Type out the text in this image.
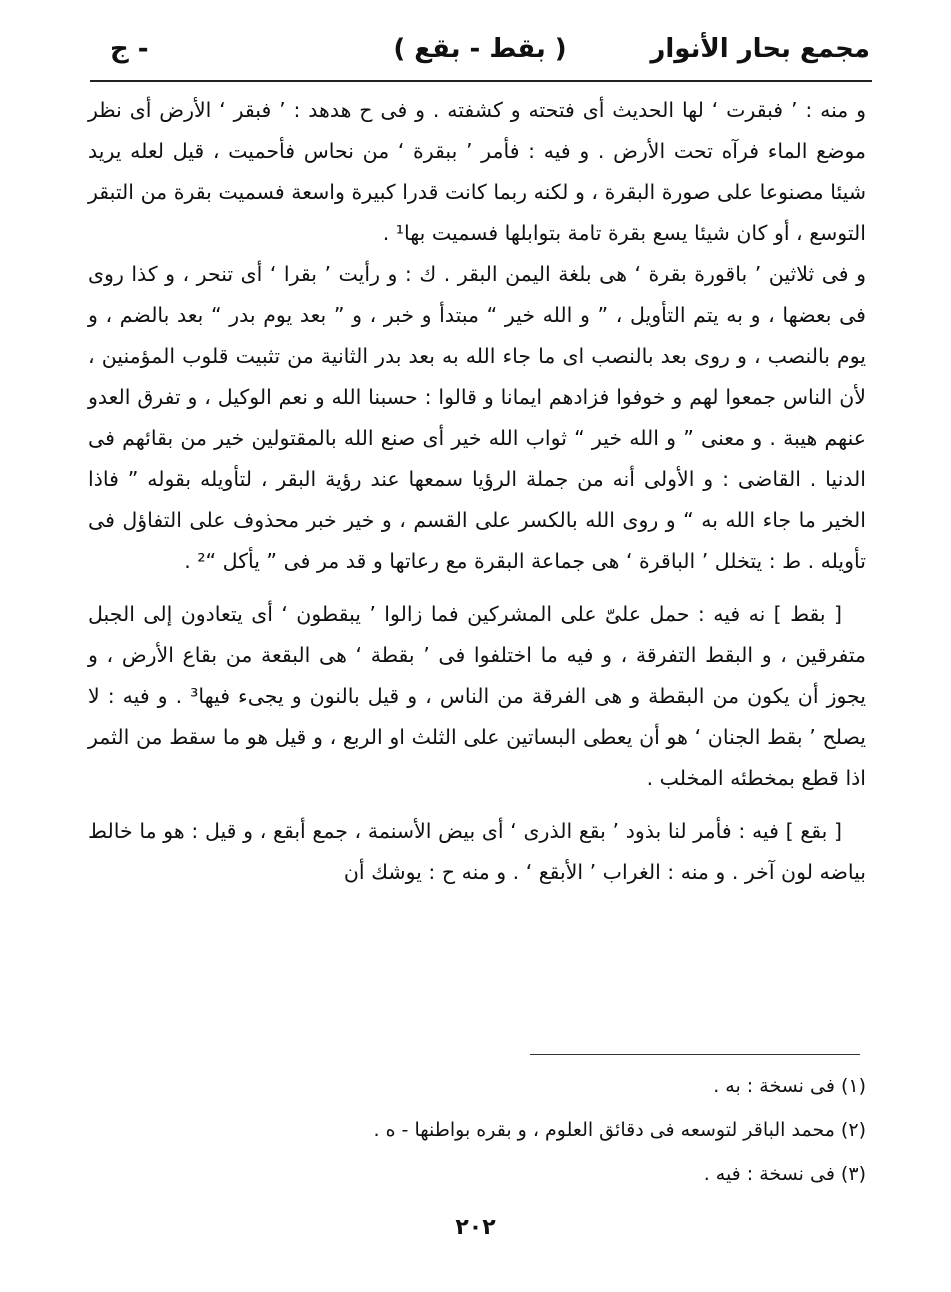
مجمع بحار الأنوار
( بقط - بقع )
ج -

و منه : ’ فبقرت ‘ لها الحديث أى فتحته و كشفته . و فى ح هدهد : ’ فبقر ‘ الأرض أى نظر موضع الماء فرآه تحت الأرض . و فيه : فأمر ’ ببقرة ‘ من نحاس فأحميت ، قيل لعله يريد شيئا مصنوعا على صورة البقرة ، و لكنه ربما كانت قدرا كبيرة واسعة فسميت بقرة من التبقر التوسع ، أو كان شيئا يسع بقرة تامة بتوابلها فسميت بها¹ .

و فى ثلاثين ’ باقورة بقرة ‘ هى بلغة اليمن البقر . ك : و رأيت ’ بقرا ‘ أى تنحر ، و كذا روى فى بعضها ، و به يتم التأويل ، ” و الله خير “ مبتدأ و خبر ، و ” بعد يوم بدر “ بعد بالضم ، و يوم بالنصب ، و روى بعد بالنصب اى ما جاء الله به بعد بدر الثانية من تثبيت قلوب المؤمنين ، لأن الناس جمعوا لهم و خوفوا فزادهم ايمانا و قالوا : حسبنا الله و نعم الوكيل ، و تفرق العدو عنهم هيبة . و معنى ” و الله خير “ ثواب الله خير أى صنع الله بالمقتولين خير من بقائهم فى الدنيا . القاضى : و الأولى أنه من جملة الرؤيا سمعها عند رؤية البقر ، لتأويله بقوله ” فاذا الخير ما جاء الله به “ و روى الله بالكسر على القسم ، و خير خبر محذوف على التفاؤل فى تأويله . ط : يتخلل ’ الباقرة ‘ هى جماعة البقرة مع رعاتها و قد مر فى ” يأكل “² .

[ بقط ] نه فيه : حمل علىّ على المشركين فما زالوا ’ يبقطون ‘ أى يتعادون إلى الجبل متفرقين ، و البقط التفرقة ، و فيه ما اختلفوا فى ’ بقطة ‘ هى البقعة من بقاع الأرض ، و يجوز أن يكون من البقطة و هى الفرقة من الناس ، و قيل بالنون و يجىء فيها³ . و فيه : لا يصلح ’ بقط الجنان ‘ هو أن يعطى البساتين على الثلث او الربع ، و قيل هو ما سقط من الثمر اذا قطع بمخطئه المخلب .

[ بقع ] فيه : فأمر لنا بذود ’ بقع الذرى ‘ أى بيض الأسنمة ، جمع أبقع ، و قيل : هو ما خالط بياضه لون آخر . و منه : الغراب ’ الأبقع ‘ . و منه ح : يوشك أن

(١) فى نسخة : به .

(٢) محمد الباقر لتوسعه فى دقائق العلوم ، و بقره بواطنها - ه .

(٣) فى نسخة : فيه .

٢٠٢
